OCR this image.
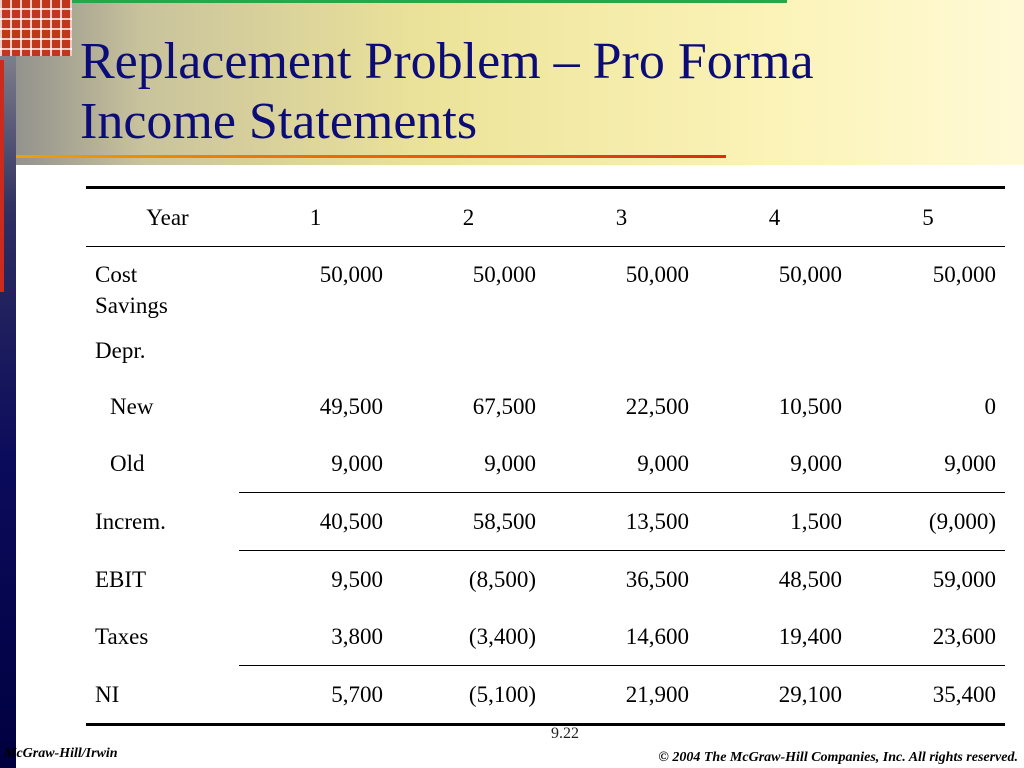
Replacement Problem – Pro Forma
Income Statements
Year	1	2	3	4	5
Cost
Savings	50,000	50,000	50,000	50,000	50,000
Depr.					
New	49,500	67,500	22,500	10,500	0
Old	9,000	9,000	9,000	9,000	9,000
Increm.	40,500	58,500	13,500	1,500	(9,000)
EBIT	9,500	(8,500)	36,500	48,500	59,000
Taxes	3,800	(3,400)	14,600	19,400	23,600
NI	5,700	(5,100)	21,900	29,100	35,400
9.22
McGraw-Hill/Irwin	© 2004 The McGraw-Hill Companies, Inc. All rights reserved.
